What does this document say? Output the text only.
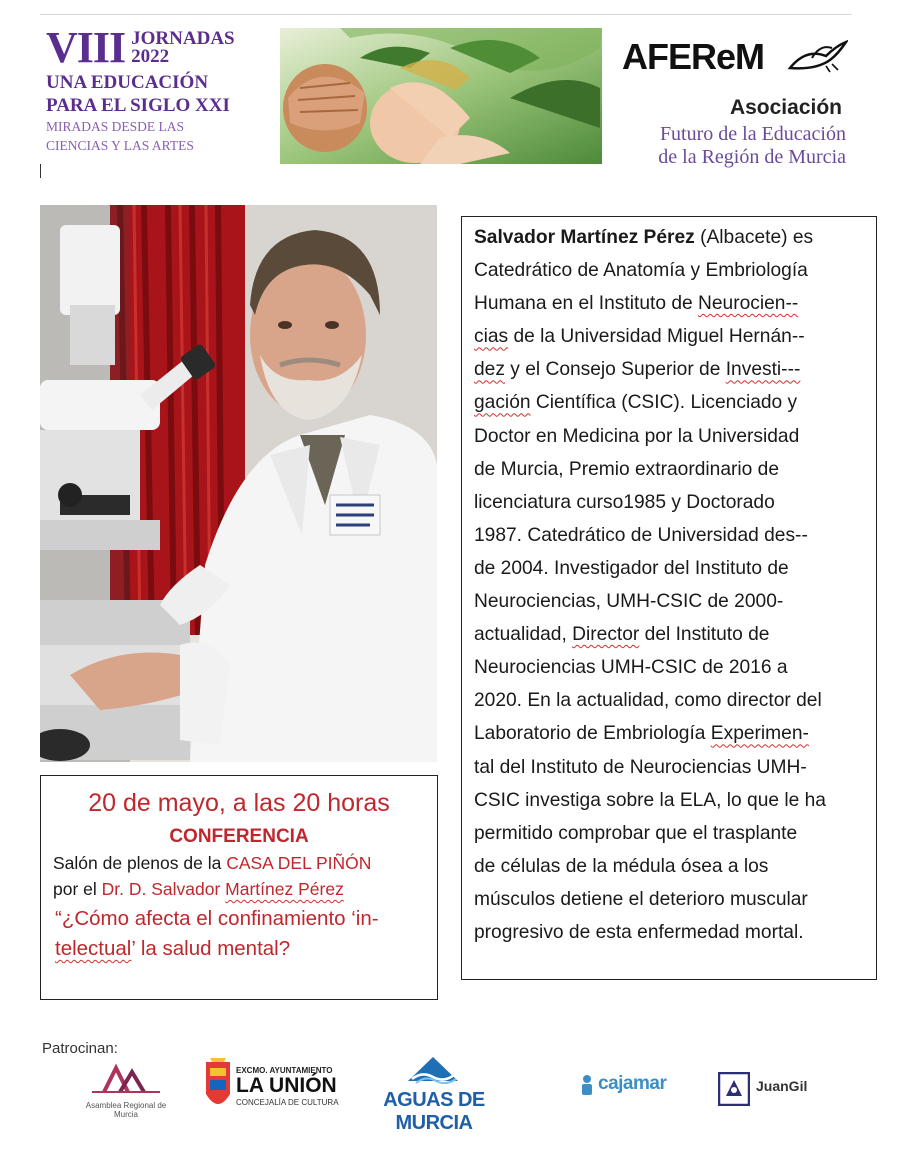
VIII JORNADAS
2022
UNA EDUCACIÓN
PARA EL SIGLO XXI
MIRADAS DESDE LAS
CIENCIAS Y LAS ARTES
AFEReM
Asociación
Futuro de la Educación
de la Región de Murcia
Salvador Martínez Pérez (Albacete) es
Catedrático de Anatomía y Embriología
Humana en el Instituto de Neurocien--
cias de la Universidad Miguel Hernán--
dez y el Consejo Superior de Investi---
gación Científica (CSIC). Licenciado y
Doctor en Medicina por la Universidad
de Murcia, Premio extraordinario de
licenciatura curso1985 y Doctorado
1987. Catedrático de Universidad des--
de 2004. Investigador del Instituto de
Neurociencias, UMH-CSIC de 2000-
actualidad, Director del Instituto de
Neurociencias UMH-CSIC de 2016 a
2020. En la actualidad, como director del
Laboratorio de Embriología Experimen-
tal del Instituto de Neurociencias UMH-
CSIC investiga sobre la ELA, lo que le ha
permitido comprobar que el trasplante
de células de la médula ósea a los
músculos detiene el deterioro muscular
progresivo de esta enfermedad mortal.
20 de mayo, a las 20 horas
CONFERENCIA
Salón de plenos de la CASA DEL PIÑÓN
por el Dr. D. Salvador Martínez Pérez
“¿Cómo afecta el confinamiento ‘in-
telectual’ la salud mental?
Patrocinan:
Asamblea Regional de Murcia
EXCMO. AYUNTAMIENTO
LA UNIÓN
CONCEJALÍA DE CULTURA	AGUAS DE MURCIA
cajamar	JuanGil
